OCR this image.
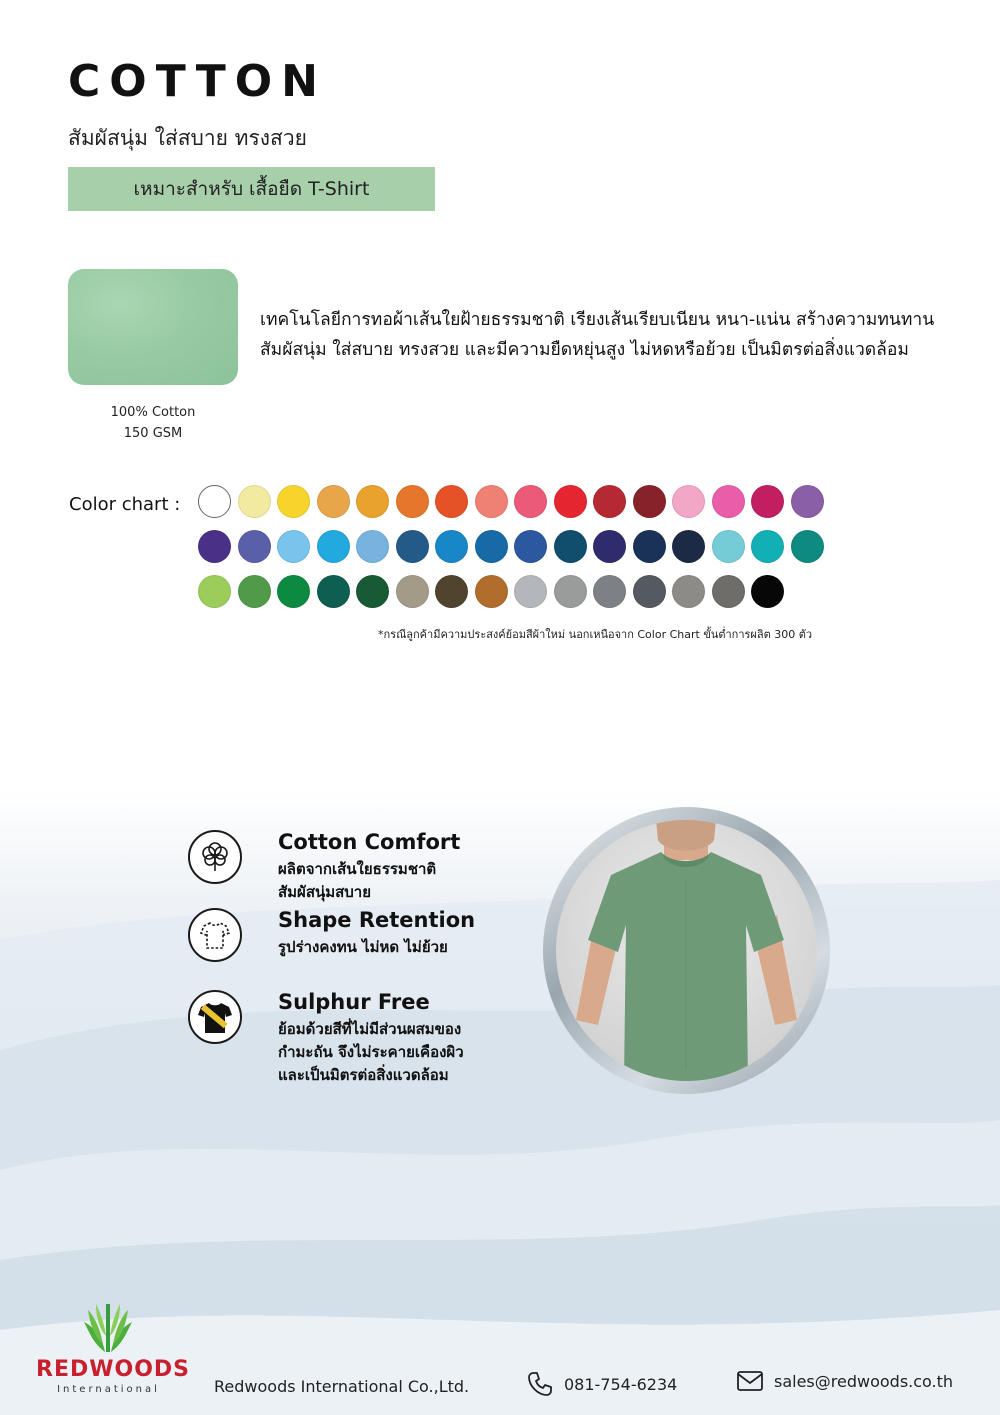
COTTON
สัมผัสนุ่ม ใส่สบาย ทรงสวย
เหมาะสำหรับ เสื้อยืด T-Shirt
100% Cotton
150 GSM
เทคโนโลยีการทอผ้าเส้นใยฝ้ายธรรมชาติ เรียงเส้นเรียบเนียน หนา-แน่น สร้างความทนทาน
สัมผัสนุ่ม ใส่สบาย ทรงสวย และมีความยืดหยุ่นสูง ไม่หดหรือย้วย เป็นมิตรต่อสิ่งแวดล้อม
Color chart :
*กรณีลูกค้ามีความประสงค์ย้อมสีผ้าใหม่ นอกเหนือจาก Color Chart ขั้นต่ำการผลิต 300 ตัว
Cotton Comfort
ผลิตจากเส้นใยธรรมชาติ
สัมผัสนุ่มสบาย
Shape Retention
รูปร่างคงทน ไม่หด ไม่ย้วย
Sulphur Free
ย้อมด้วยสีที่ไม่มีส่วนผสมของ
กำมะถัน จึงไม่ระคายเคืองผิว
และเป็นมิตรต่อสิ่งแวดล้อม
REDWOODS
International	Redwoods International Co.,Ltd.	081-754-6234	sales@redwoods.co.th
